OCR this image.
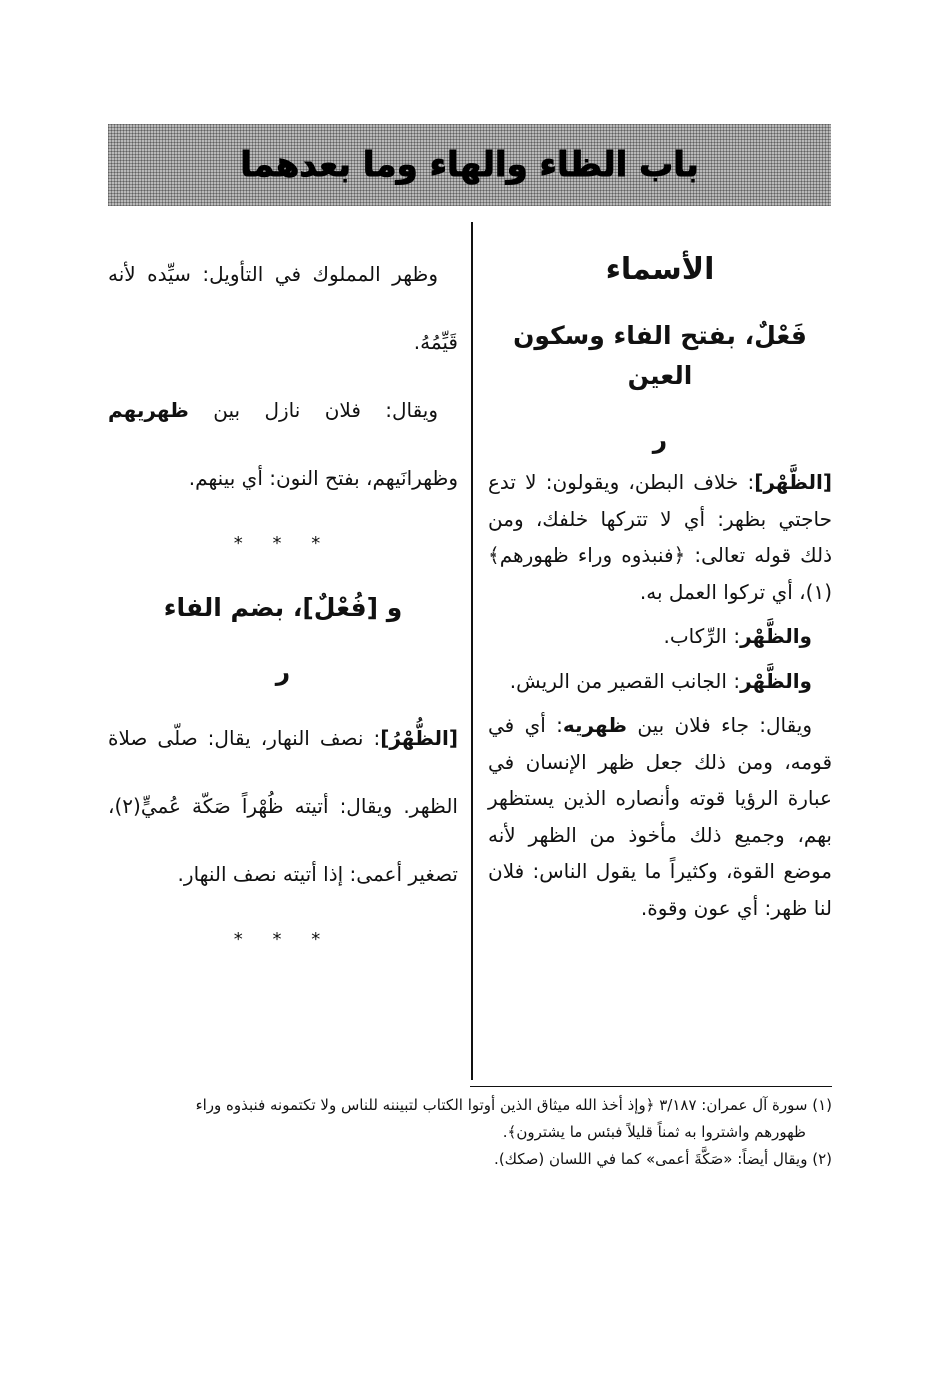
باب الظاء والهاء وما بعدهما
الأسماء
فَعْلٌ، بفتح الفاء وسكون العين
ر

[الظَّهْر]: خلاف البطن، ويقولون: لا تدع حاجتي بظهر: أي لا تتركها خلفك، ومن ذلك قوله تعالى: ﴿فنبذوه وراء ظهورهم﴾(١)، أي تركوا العمل به.

والظَّهْر: الرِّكاب.

والظَّهْر: الجانب القصير من الريش.

ويقال: جاء فلان بين ظهريه: أي في قومه، ومن ذلك جعل ظهر الإنسان في عبارة الرؤيا قوته وأنصاره الذين يستظهر بهم، وجميع ذلك مأخوذ من الظهر لأنه موضع القوة، وكثيراً ما يقول الناس: فلان لنا ظهر: أي عون وقوة.

وظهر المملوك في التأويل: سيِّده لأنه قَيِّمُهُ.

ويقال: فلان نازل بين ظهريهم وظهرانَيهم، بفتح النون: أي بينهم.

* * *
و [فُعْلٌ]، بضم الفاء
ر

[الظُّهْرُ]: نصف النهار، يقال: صلّى صلاة الظهر. ويقال: أتيته ظُهْراً صَكّة عُميٍّ(٢)، تصغير أعمى: إذا أتيته نصف النهار.

* * *
(١) سورة آل عمران: ٣/١٨٧ ﴿وإذ أخذ الله ميثاق الذين أوتوا الكتاب لتبيننه للناس ولا تكتمونه فنبذوه وراء
ظهورهم واشتروا به ثمناً قليلاً فبئس ما يشترون﴾.
(٢) ويقال أيضاً: «صَكَّةَ أعمى» كما في اللسان (صكك).
